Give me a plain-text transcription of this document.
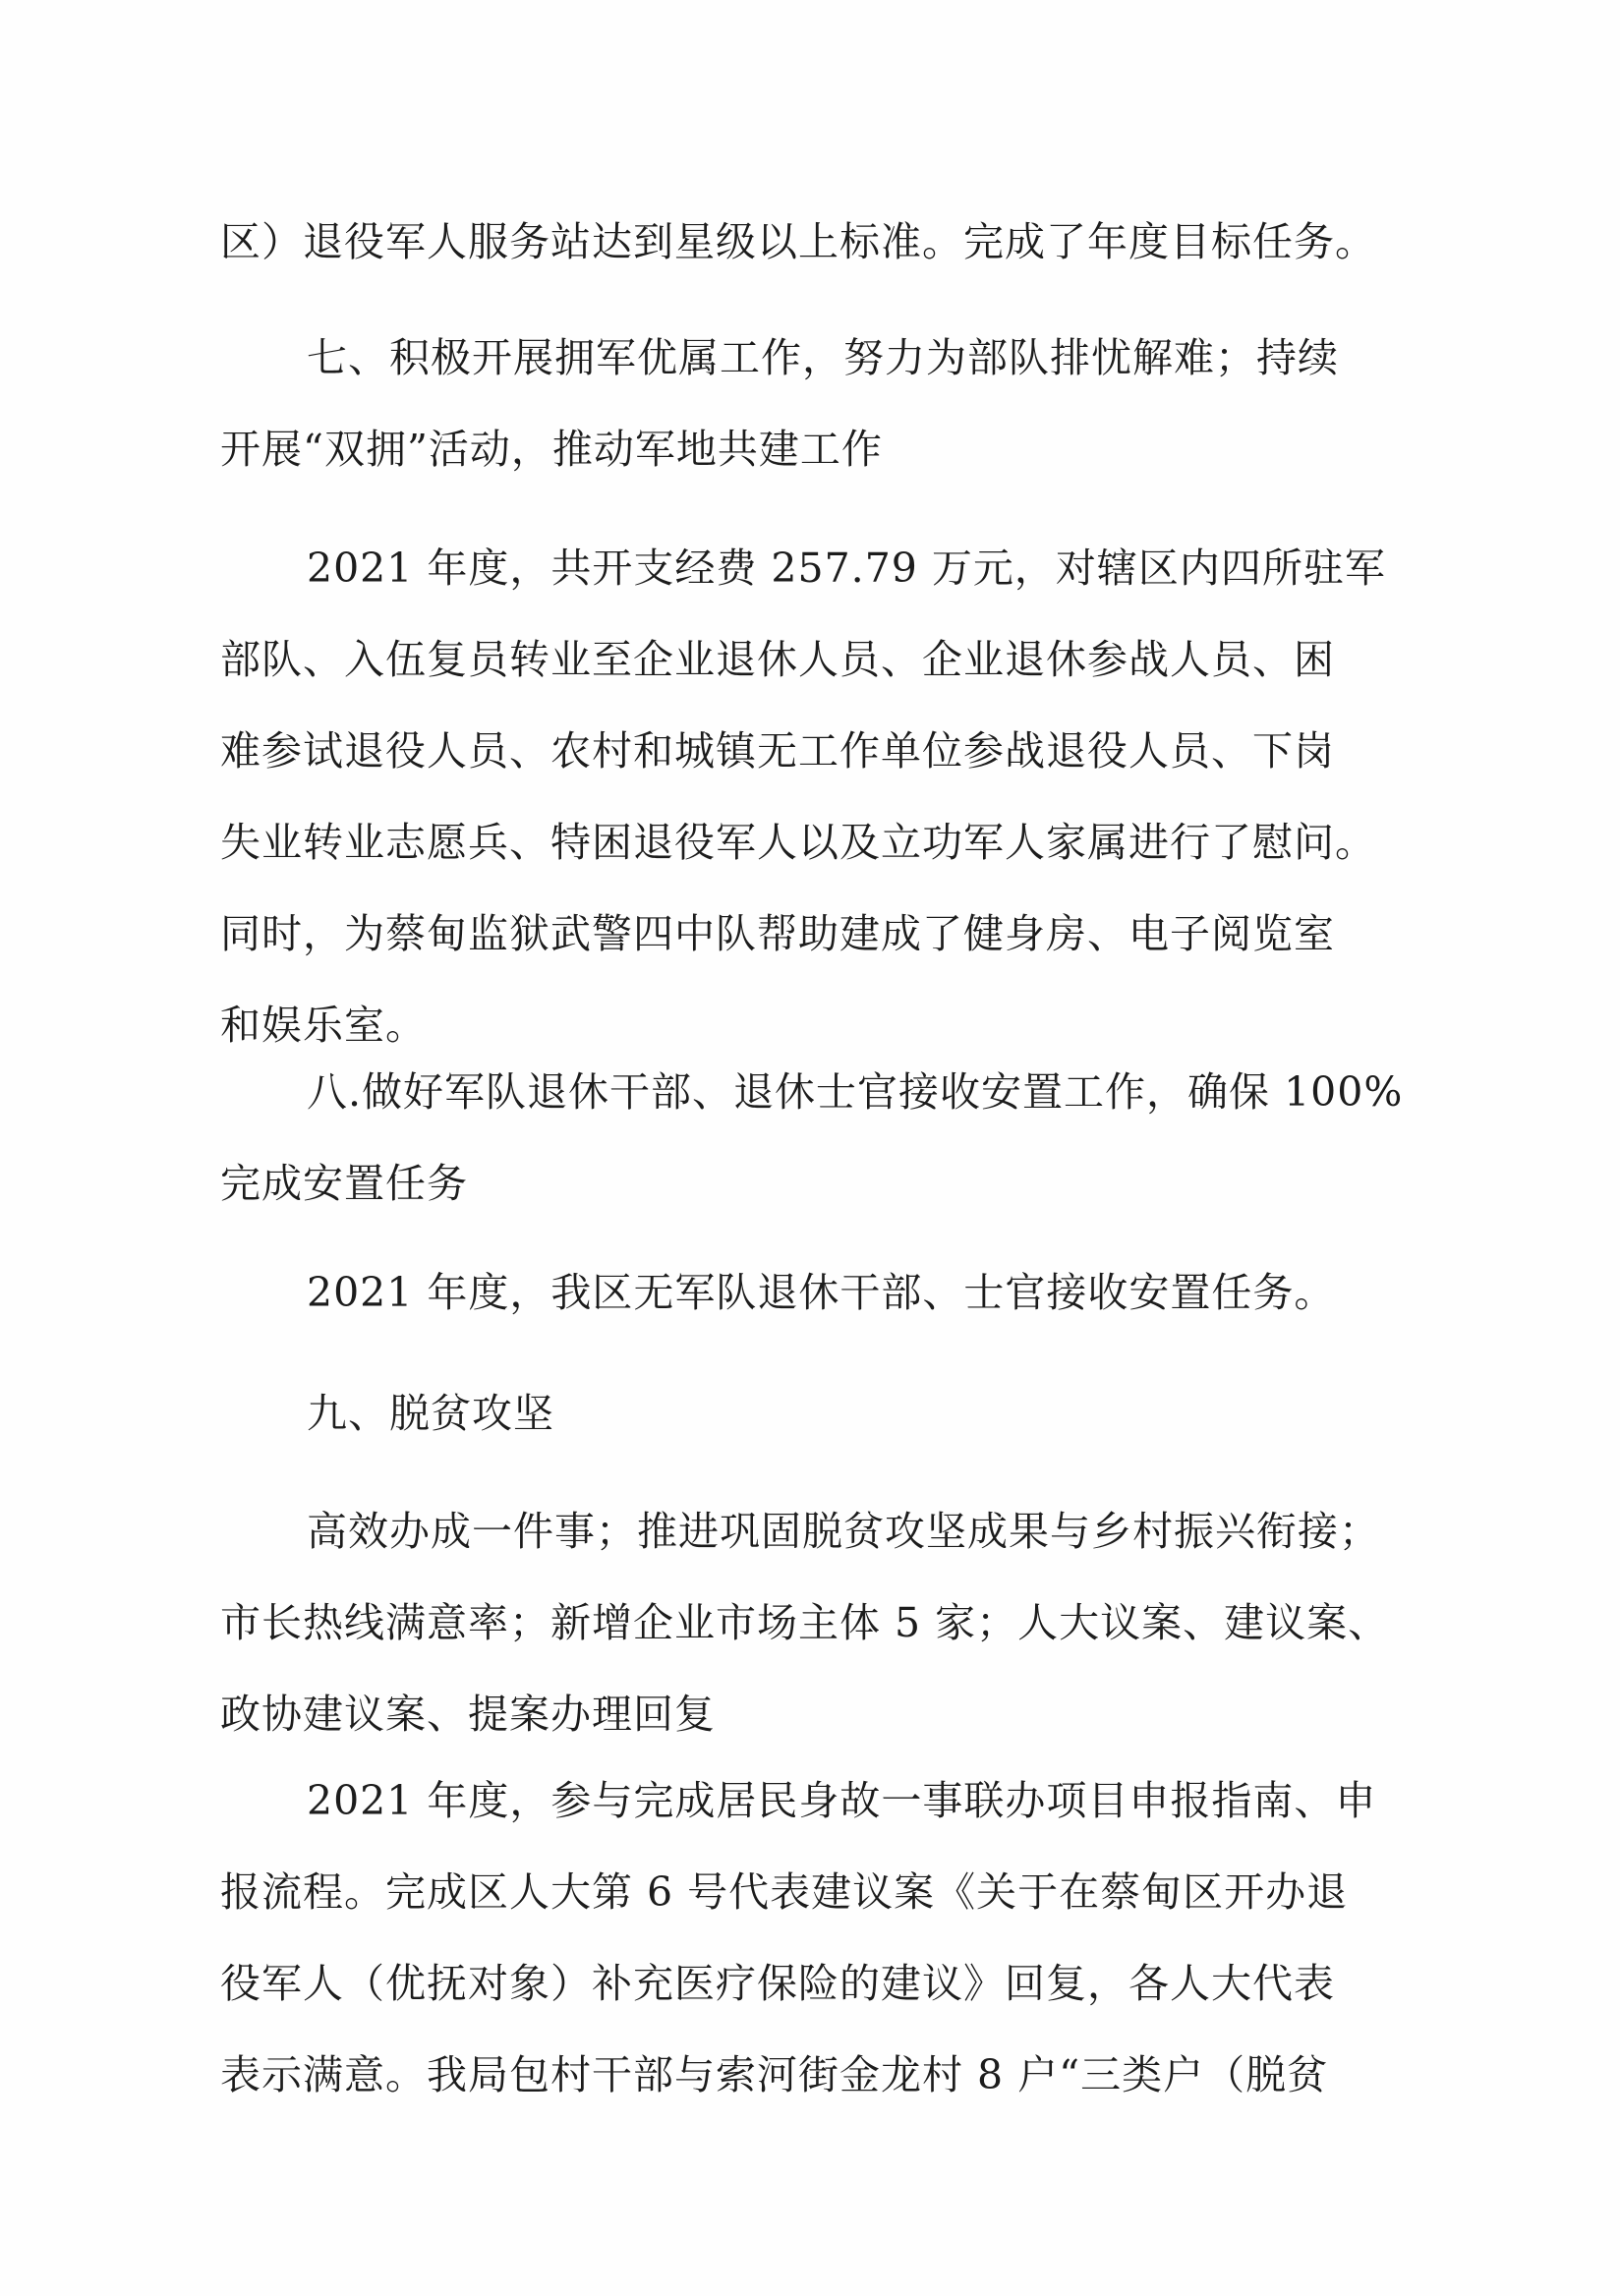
区）退役军人服务站达到星级以上标准。完成了年度目标任务。
七、积极开展拥军优属工作，努力为部队排忧解难；持续
开展“双拥”活动，推动军地共建工作
2021 年度，共开支经费 257.79 万元，对辖区内四所驻军
部队、入伍复员转业至企业退休人员、企业退休参战人员、困
难参试退役人员、农村和城镇无工作单位参战退役人员、下岗
失业转业志愿兵、特困退役军人以及立功军人家属进行了慰问。
同时，为蔡甸监狱武警四中队帮助建成了健身房、电子阅览室
和娱乐室。
八.做好军队退休干部、退休士官接收安置工作，确保 100%
完成安置任务
2021 年度，我区无军队退休干部、士官接收安置任务。
九、脱贫攻坚
高效办成一件事；推进巩固脱贫攻坚成果与乡村振兴衔接；
市长热线满意率；新增企业市场主体 5 家；人大议案、建议案、
政协建议案、提案办理回复
2021 年度，参与完成居民身故一事联办项目申报指南、申
报流程。完成区人大第 6 号代表建议案《关于在蔡甸区开办退
役军人（优抚对象）补充医疗保险的建议》回复，各人大代表
表示满意。我局包村干部与索河街金龙村 8 户“三类户（脱贫
